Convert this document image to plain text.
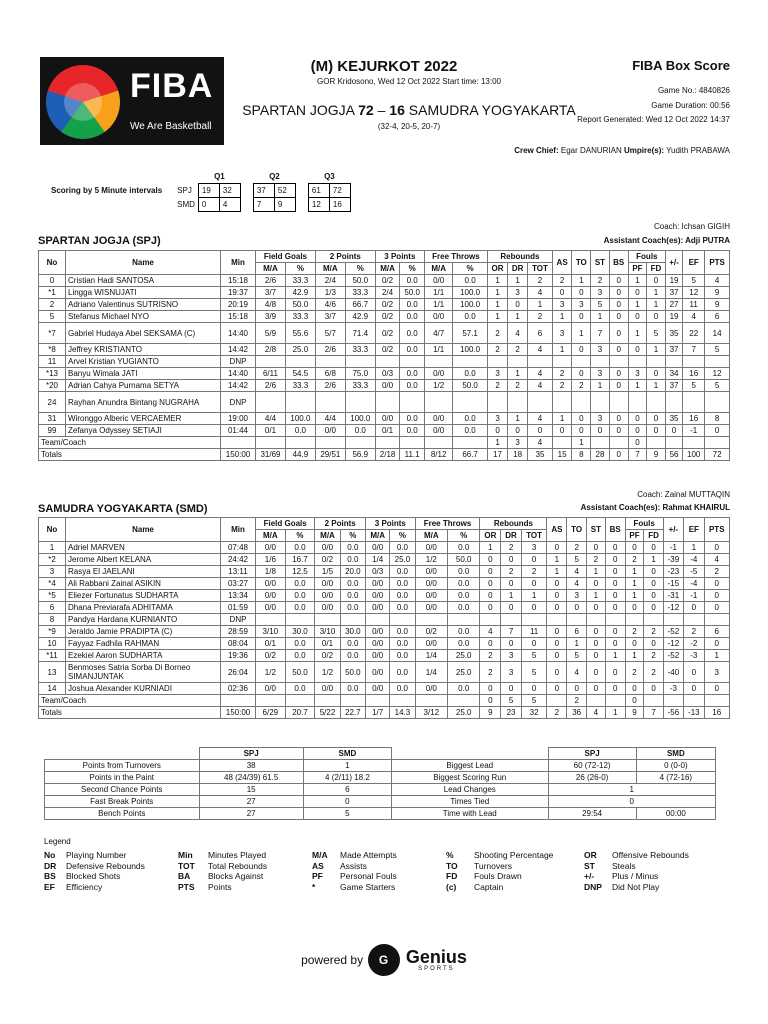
FIBA
We Are Basketball
(M) KEJURKOT 2022
GOR Kridosono, Wed 12 Oct 2022 Start time: 13:00
SPARTAN JOGJA 72 – 16 SAMUDRA YOGYAKARTA
(32-4, 20-5, 20-7)
FIBA Box Score
Game No.: 4840826
Game Duration: 00:56
Report Generated: Wed 12 Oct 2022 14:37
Crew Chief: Egar DANURIAN Umpire(s): Yudith PRABAWA
		Q1			Q2			Q3	
Scoring by 5 Minute intervals	SPJ	19	32		37	52		61	72
	SMD	0	4		7	9		12	16
Coach: Ichsan GIGIH
Assistant Coach(es): Adji PUTRA
SPARTAN JOGJA (SPJ)
No	Name	Min	Field Goals		2 Points		3 Points		Free Throws		Rebounds			AS	TO	ST	BS	Fouls		+/-	EF	PTS
			M/A	%	M/A	%	M/A	%	M/A	%	OR	DR	TOT					PF	FD			
0	Cristian Hadi SANTOSA	15:18	2/6	33.3	2/4	50.0	0/2	0.0	0/0	0.0	1	1	2	2	1	2	0	1	0	19	5	4
*1	Lingga WISNUJATI	19:37	3/7	42.9	1/3	33.3	2/4	50.0	1/1	100.0	1	3	4	0	0	3	0	0	1	37	12	9
2	Adriano Valentinus SUTRISNO	20:19	4/8	50.0	4/6	66.7	0/2	0.0	1/1	100.0	1	0	1	3	3	5	0	1	1	27	11	9
5	Stefanus Michael NYO	15:18	3/9	33.3	3/7	42.9	0/2	0.0	0/0	0.0	1	1	2	1	0	1	0	0	0	19	4	6
*7	Gabriel Hudaya Abel SEKSAMA (C)	14:40	5/9	55.6	5/7	71.4	0/2	0.0	4/7	57.1	2	4	6	3	1	7	0	1	5	35	22	14
*8	Jeffrey KRISTIANTO	14:42	2/8	25.0	2/6	33.3	0/2	0.0	1/1	100.0	2	2	4	1	0	3	0	0	1	37	7	5
11	Arvel Kristian YUGIANTO	DNP																				
*13	Banyu Wimala JATI	14:40	6/11	54.5	6/8	75.0	0/3	0.0	0/0	0.0	3	1	4	2	0	3	0	3	0	34	16	12
*20	Adrian Cahya Purnama SETYA	14:42	2/6	33.3	2/6	33.3	0/0	0.0	1/2	50.0	2	2	4	2	2	1	0	1	1	37	5	5
24	Rayhan Anundra Bintang NUGRAHA	DNP																				
31	Wironggo Alberic VERCAEMER	19:00	4/4	100.0	4/4	100.0	0/0	0.0	0/0	0.0	3	1	4	1	0	3	0	0	0	35	16	8
99	Zefanya Odyssey SETIAJI	01:44	0/1	0.0	0/0	0.0	0/1	0.0	0/0	0.0	0	0	0	0	0	0	0	0	0	0	-1	0
Team/Coach											1	3	4		1			0				
Totals		150:00	31/69	44.9	29/51	56.9	2/18	11.1	8/12	66.7	17	18	35	15	8	28	0	7	9	56	100	72
Coach: Zainal MUTTAQIN
Assistant Coach(es): Rahmat KHAIRUL
SAMUDRA YOGYAKARTA (SMD)
No	Name	Min	Field Goals		2 Points		3 Points		Free Throws		Rebounds			AS	TO	ST	BS	Fouls		+/-	EF	PTS
			M/A	%	M/A	%	M/A	%	M/A	%	OR	DR	TOT					PF	FD			
1	Adriel MARVEN	07:48	0/0	0.0	0/0	0.0	0/0	0.0	0/0	0.0	1	2	3	0	2	0	0	0	0	-1	1	0
*2	Jerome Albert KELANA	24:42	1/6	16.7	0/2	0.0	1/4	25.0	1/2	50.0	0	0	0	1	5	2	0	2	1	-39	-4	4
3	Rasya El JAELANI	13:11	1/8	12.5	1/5	20.0	0/3	0.0	0/0	0.0	0	2	2	1	4	1	0	1	0	-23	-5	2
*4	Ali Rabbani Zainal ASIKIN	03:27	0/0	0.0	0/0	0.0	0/0	0.0	0/0	0.0	0	0	0	0	4	0	0	1	0	-15	-4	0
*5	Eliezer Fortunatus SUDHARTA	13:34	0/0	0.0	0/0	0.0	0/0	0.0	0/0	0.0	0	1	1	0	3	1	0	1	0	-31	-1	0
6	Dhana Previarafa ADHITAMA	01:59	0/0	0.0	0/0	0.0	0/0	0.0	0/0	0.0	0	0	0	0	0	0	0	0	0	-12	0	0
8	Pandya Hardana KURNIANTO	DNP																				
*9	Jeraldo Jamie PRADIPTA (C)	28:59	3/10	30.0	3/10	30.0	0/0	0.0	0/2	0.0	4	7	11	0	6	0	0	2	2	-52	2	6
10	Fayyaz Fadhila RAHMAN	08:04	0/1	0.0	0/1	0.0	0/0	0.0	0/0	0.0	0	0	0	0	1	0	0	0	0	-12	-2	0
*11	Ezekiel Aaron SUDHARTA	19:36	0/2	0.0	0/2	0.0	0/0	0.0	1/4	25.0	2	3	5	0	5	0	1	1	2	-52	-3	1
13	Benmoses Satria Sorba Di Borneo SIMANJUNTAK	26:04	1/2	50.0	1/2	50.0	0/0	0.0	1/4	25.0	2	3	5	0	4	0	0	2	2	-40	0	3
14	Joshua Alexander KURNIADI	02:36	0/0	0.0	0/0	0.0	0/0	0.0	0/0	0.0	0	0	0	0	0	0	0	0	0	-3	0	0
Team/Coach											0	5	5		2			0				
Totals		150:00	6/29	20.7	5/22	22.7	1/7	14.3	3/12	25.0	9	23	32	2	36	4	1	9	7	-56	-13	16
	SPJ	SMD
Points from Turnovers	38	1
Points in the Paint	48 (24/39) 61.5	4 (2/11) 18.2
Second Chance Points	15	6
Fast Break Points	27	0
Bench Points	27	5
	SPJ	SMD
Biggest Lead	60 (72-12)	0 (0-0)
Biggest Scoring Run	26 (26-0)	4 (72-16)
Lead Changes	1	
Times Tied	0	
Time with Lead	29:54	00:00
Legend
No	Playing Number	Min	Minutes Played	M/A	Made Attempts	%	Shooting Percentage	OR	Offensive Rebounds
DR	Defensive Rebounds	TOT	Total Rebounds	AS	Assists	TO	Turnovers	ST	Steals
BS	Blocked Shots	BA	Blocks Against	PF	Personal Fouls	FD	Fouls Drawn	+/-	Plus / Minus
EF	Efficiency	PTS	Points	*	Game Starters	(c)	Captain	DNP	Did Not Play
powered by G Genius
SPORTS
